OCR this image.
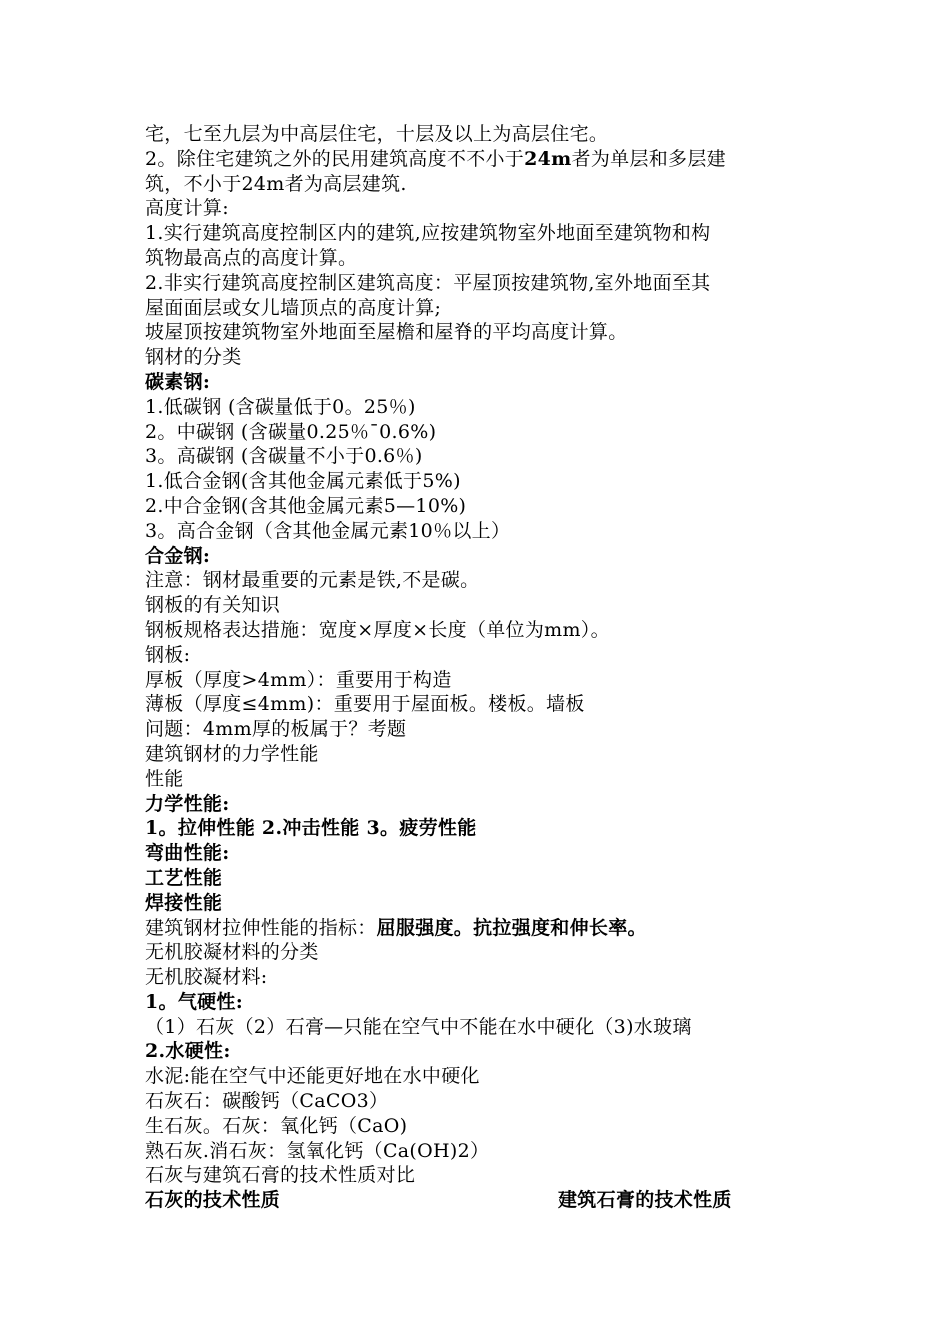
宅，七至九层为中高层住宅，十层及以上为高层住宅。
2。除住宅建筑之外的民用建筑高度不不小于24m者为单层和多层建
筑，不小于24m者为高层建筑.
高度计算:
1.实行建筑高度控制区内的建筑,应按建筑物室外地面至建筑物和构
筑物最高点的高度计算。
2.非实行建筑高度控制区建筑高度：平屋顶按建筑物,室外地面至其
屋面面层或女儿墙顶点的高度计算;
坡屋顶按建筑物室外地面至屋檐和屋脊的平均高度计算。
钢材的分类
碳素钢:
1.低碳钢 (含碳量低于0。25％)
2。中碳钢 (含碳量0.25％¯0.6%)
3。高碳钢 (含碳量不小于0.6％)
1.低合金钢(含其他金属元素低于5%)
2.中合金钢(含其他金属元素5—10%)
3。高合金钢（含其他金属元素10％以上）
合金钢:
注意：钢材最重要的元素是铁,不是碳。
钢板的有关知识
钢板规格表达措施：宽度×厚度×长度（单位为mm）。
钢板:
厚板（厚度>4mm）：重要用于构造
薄板（厚度≤4mm)：重要用于屋面板。楼板。墙板
问题：4mm厚的板属于？考题
建筑钢材的力学性能
性能
力学性能:
1。拉伸性能 2.冲击性能 3。疲劳性能
弯曲性能:
工艺性能
焊接性能
建筑钢材拉伸性能的指标：屈服强度。抗拉强度和伸长率。
无机胶凝材料的分类
无机胶凝材料:
1。气硬性:
（1）石灰（2）石膏—只能在空气中不能在水中硬化（3)水玻璃
2.水硬性:
水泥:能在空气中还能更好地在水中硬化
石灰石：碳酸钙（CaCO3）
生石灰。石灰：氧化钙（CaO)
熟石灰.消石灰：氢氧化钙（Ca(OH)2）
石灰与建筑石膏的技术性质对比
石灰的技术性质	建筑石膏的技术性质
